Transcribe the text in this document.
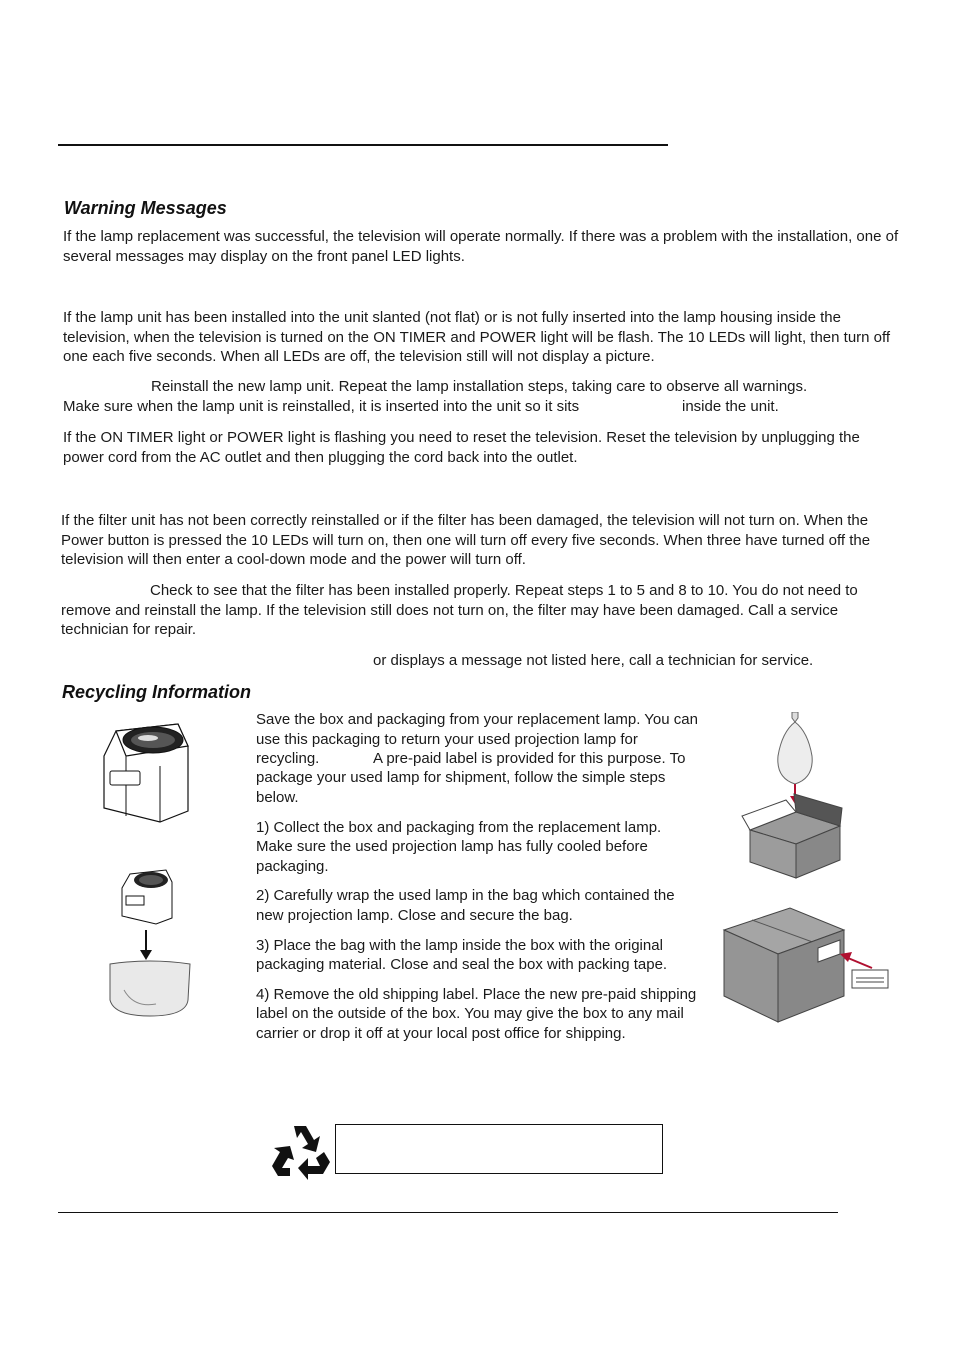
Warning Messages

If the lamp replacement was successful, the television will operate normally. If there was a problem with the installation, one of several messages may display on the front panel LED lights.

If the lamp unit has been installed into the unit slanted (not flat) or is not fully inserted into the lamp housing inside the television, when the television is turned on the ON TIMER and POWER light will be flash. The 10 LEDs will light, then turn off one each five seconds. When all LEDs are off, the television still will not display a picture.

Reinstall the new lamp unit. Repeat the lamp installation steps, taking care to observe all warnings.

Make sure when the lamp unit is reinstalled, it is inserted into the unit so it sits	inside the unit.

If the ON TIMER light or POWER light is flashing you need to reset the television. Reset the television by unplugging the power cord from the AC outlet and then plugging the cord back into the outlet.

If the filter unit has not been correctly reinstalled or if the filter has been damaged, the television will not turn on. When the Power button is pressed the 10 LEDs will turn on, then one will turn off every five seconds. When three have turned off the television will then enter a cool-down mode and the power will turn off.

Check to see that the filter has been installed properly. Repeat steps 1 to 5 and 8 to 10. You do not need to remove and reinstall the lamp. If the television still does not turn on, the filter may have been damaged. Call a service technician for repair.

or displays a message not listed here, call a technician for service.

Recycling Information

Save the box and packaging from your replacement lamp. You can use this packaging to return your used projection lamp for recycling.	A pre-paid label is provided for this purpose. To package your used lamp for shipment, follow the simple steps below.

1) Collect the box and packaging from the replacement lamp. Make sure the used projection lamp has fully cooled before packaging.

2) Carefully wrap the used lamp in the bag which contained the new projection lamp. Close and secure the bag.

3) Place the bag with the lamp inside the box with the original packaging material. Close and seal the box with packing tape.

4) Remove the old shipping label. Place the new pre-paid shipping label on the outside of the box. You may give the box to any mail carrier or drop it off at your local post office for shipping.
